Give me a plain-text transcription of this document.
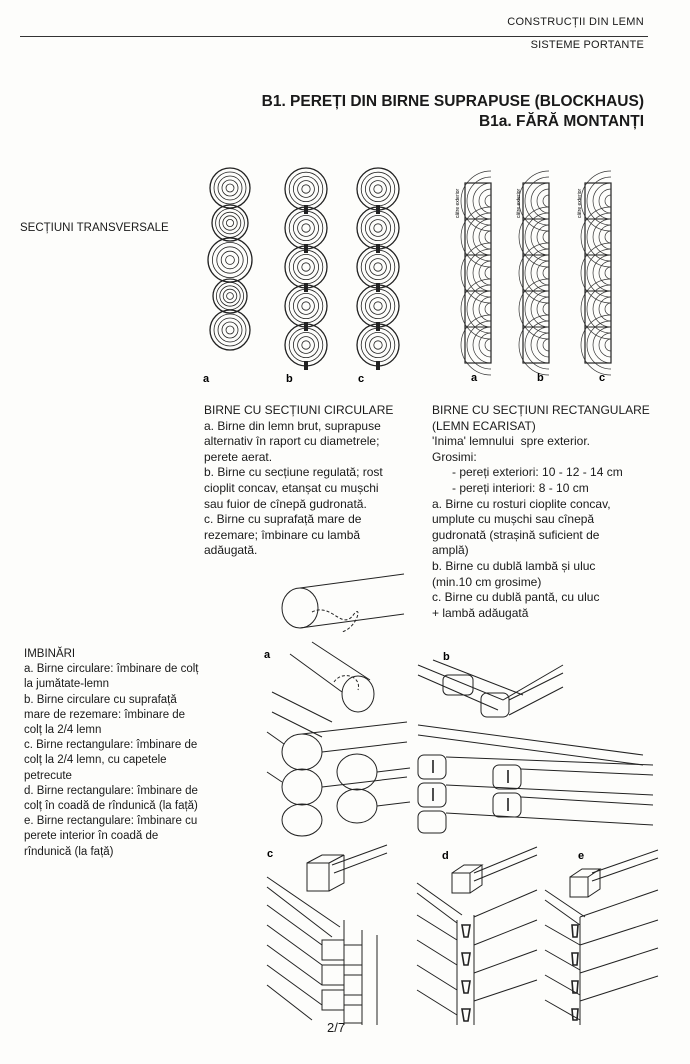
CONSTRUCȚII DIN LEMN
SISTEME PORTANTE
B1. PEREȚI DIN BIRNE SUPRAPUSE (BLOCKHAUS)
B1a. FĂRĂ MONTANȚI
SECȚIUNI TRANSVERSALE
a	b	c
către exterior	către exterior	către exterior
a	b	c
BIRNE CU SECȚIUNI CIRCULARE
a. Birne din lemn brut, suprapuse
alternativ în raport cu diametrele;
perete aerat.
b. Birne cu secțiune regulată; rost
cioplit concav, etanșat cu mușchi
sau fuior de cînepă gudronată.
c. Birne cu suprafață mare de
rezemare; îmbinare cu lambă
adăugată.
BIRNE CU SECȚIUNI RECTANGULARE
(LEMN ECARISAT)
'Inima' lemnului  spre exterior.
Grosimi:
- pereți exteriori: 10 - 12 - 14 cm
- pereți interiori: 8 - 10 cm
a. Birne cu rosturi cioplite concav,
umplute cu mușchi sau cînepă
gudronată (strașină suficient de
amplă)
b. Birne cu dublă lambă și uluc
(min.10 cm grosime)
c. Birne cu dublă pantă, cu uluc
+ lambă adăugată
IMBINĂRI
a. Birne circulare: îmbinare de colț
la jumătate-lemn
b. Birne circulare cu suprafață
mare de rezemare: îmbinare de
colț la 2/4 lemn
c. Birne rectangulare: îmbinare de
colț la 2/4 lemn, cu capetele
petrecute
d. Birne rectangulare: îmbinare de
colț în coadă de rîndunică (la față)
e. Birne rectangulare: îmbinare cu
perete interior în coadă de
rîndunică (la față)
a	b
c	d	e
2/7
